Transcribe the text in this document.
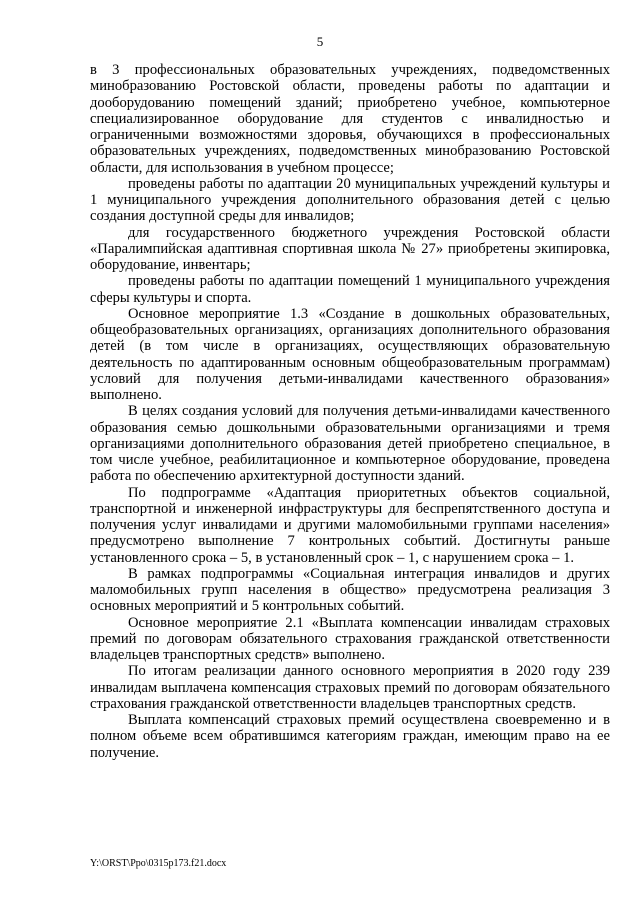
5

в 3 профессиональных образовательных учреждениях, подведомственных минобразованию Ростовской области, проведены работы по адаптации и дооборудованию помещений зданий; приобретено учебное, компьютерное специализированное оборудование для студентов с инвалидностью и ограниченными возможностями здоровья, обучающихся в профессиональных образовательных учреждениях, подведомственных минобразованию Ростовской области, для использования в учебном процессе;

проведены работы по адаптации 20 муниципальных учреждений культуры и 1 муниципального учреждения дополнительного образования детей с целью создания доступной среды для инвалидов;

для государственного бюджетного учреждения Ростовской области «Паралимпийская адаптивная спортивная школа № 27» приобретены экипировка, оборудование, инвентарь;

проведены работы по адаптации помещений 1 муниципального учреждения сферы культуры и спорта.

Основное мероприятие 1.3 «Создание в дошкольных образовательных, общеобразовательных организациях, организациях дополнительного образования детей (в том числе в организациях, осуществляющих образовательную деятельность по адаптированным основным общеобразовательным программам) условий для получения детьми-инвалидами качественного образования» выполнено.

В целях создания условий для получения детьми-инвалидами качественного образования семью дошкольными образовательными организациями и тремя организациями дополнительного образования детей приобретено специальное, в том числе учебное, реабилитационное и компьютерное оборудование, проведена работа по обеспечению архитектурной доступности зданий.

По подпрограмме «Адаптация приоритетных объектов социальной, транспортной и инженерной инфраструктуры для беспрепятственного доступа и получения услуг инвалидами и другими маломобильными группами населения» предусмотрено выполнение 7 контрольных событий. Достигнуты раньше установленного срока – 5, в установленный срок – 1, с нарушением срока – 1.

В рамках подпрограммы «Социальная интеграция инвалидов и других маломобильных групп населения в общество» предусмотрена реализация 3 основных мероприятий и 5 контрольных событий.

Основное мероприятие 2.1 «Выплата компенсации инвалидам страховых премий по договорам обязательного страхования гражданской ответственности владельцев транспортных средств» выполнено.

По итогам реализации данного основного мероприятия в 2020 году 239 инвалидам выплачена компенсация страховых премий по договорам обязательного страхования гражданской ответственности владельцев транспортных средств.

Выплата компенсаций страховых премий осуществлена своевременно и в полном объеме всем обратившимся категориям граждан, имеющим право на ее получение.

Y:\ORST\Ppo\0315p173.f21.docx
